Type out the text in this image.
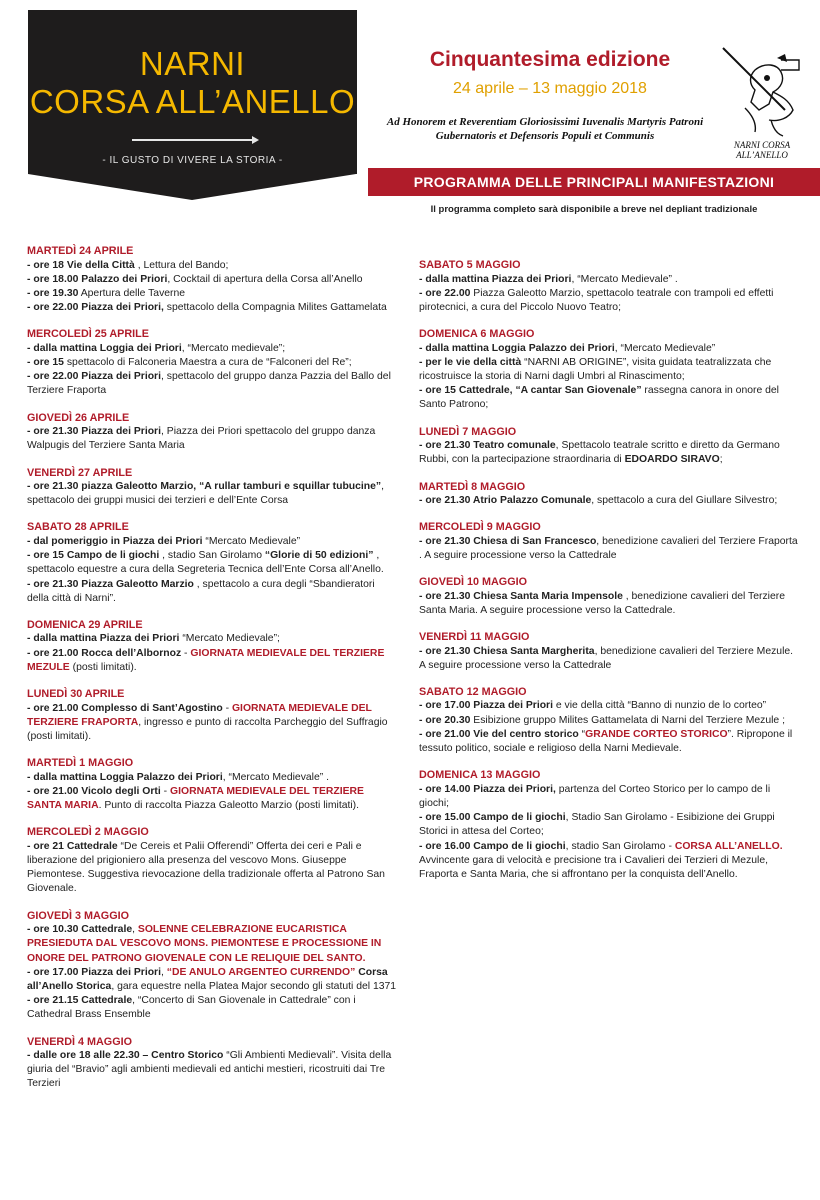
NARNI
CORSA ALL’ANELLO
- IL GUSTO DI VIVERE LA STORIA -
Cinquantesima edizione
24 aprile – 13 maggio 2018
Ad Honorem et Reverentiam Gloriosissimi Iuvenalis Martyris Patroni
Gubernatoris et Defensoris Populi et Communis
NARNI CORSA ALL’ANELLO
PROGRAMMA DELLE PRINCIPALI MANIFESTAZIONI
Il programma completo sarà disponibile a breve nel depliant tradizionale
MARTEDÌ 24 APRILE
- ore 18 Vie della Città , Lettura del Bando;
- ore 18.00 Palazzo dei Priori, Cocktail di apertura della Corsa all’Anello
- ore 19.30 Apertura delle Taverne
- ore 22.00 Piazza dei Priori, spettacolo della Compagnia Milites Gattamelata
MERCOLEDÌ 25 APRILE
- dalla mattina Loggia dei Priori, “Mercato medievale”;
- ore 15 spettacolo di Falconeria Maestra a cura de “Falconeri del Re”;
- ore 22.00 Piazza dei Priori, spettacolo del gruppo danza Pazzia del Ballo del Terziere Fraporta
GIOVEDÌ 26 APRILE
- ore 21.30 Piazza dei Priori, Piazza dei Priori spettacolo del gruppo danza Walpugis del Terziere Santa Maria
VENERDÌ 27 APRILE
- ore 21.30 piazza Galeotto Marzio, “A rullar tamburi e squillar tubucine”, spettacolo dei gruppi musici dei terzieri e dell’Ente Corsa
SABATO 28 APRILE
- dal pomeriggio in Piazza dei Priori “Mercato Medievale”
- ore 15 Campo de li giochi , stadio San Girolamo “Glorie di 50 edizioni” , spettacolo equestre a cura della Segreteria Tecnica dell’Ente Corsa all’Anello.
- ore 21.30 Piazza Galeotto Marzio , spettacolo a cura degli “Sbandieratori della città di Narni”.
DOMENICA 29 APRILE
- dalla mattina Piazza dei Priori “Mercato Medievale”;
- ore 21.00 Rocca dell’Albornoz - GIORNATA MEDIEVALE DEL TERZIERE MEZULE (posti limitati).
LUNEDÌ 30 APRILE
- ore 21.00 Complesso di Sant’Agostino - GIORNATA MEDIEVALE DEL TERZIERE FRAPORTA, ingresso e punto di raccolta Parcheggio del Suffragio (posti limitati).
MARTEDÌ 1 MAGGIO
- dalla mattina Loggia Palazzo dei Priori, “Mercato Medievale” .
- ore 21.00 Vicolo degli Orti - GIORNATA MEDIEVALE DEL TERZIERE SANTA MARIA. Punto di raccolta Piazza Galeotto Marzio (posti limitati).
MERCOLEDÌ 2 MAGGIO
- ore 21 Cattedrale “De Cereis et Palii Offerendi” Offerta dei ceri e Pali e liberazione del prigioniero alla presenza del vescovo Mons. Giuseppe Piemontese. Suggestiva rievocazione della tradizionale offerta al Patrono San Giovenale.
GIOVEDÌ 3 MAGGIO
- ore 10.30 Cattedrale, SOLENNE CELEBRAZIONE EUCARISTICA PRESIEDUTA DAL VESCOVO MONS. PIEMONTESE E PROCESSIONE IN ONORE DEL PATRONO GIOVENALE CON LE RELIQUIE DEL SANTO.
- ore 17.00 Piazza dei Priori, “DE ANULO ARGENTEO CURRENDO” Corsa all’Anello Storica, gara equestre nella Platea Major secondo gli statuti del 1371
- ore 21.15 Cattedrale, “Concerto di San Giovenale in Cattedrale” con i Cathedral Brass Ensemble
VENERDÌ 4 MAGGIO
- dalle ore 18 alle 22.30 – Centro Storico “Gli Ambienti Medievali”. Visita della giuria del “Bravio” agli ambienti medievali ed antichi mestieri, ricostruiti dai Tre Terzieri
SABATO 5 MAGGIO
- dalla mattina Piazza dei Priori, “Mercato Medievale” .
- ore 22.00 Piazza Galeotto Marzio, spettacolo teatrale con trampoli ed effetti pirotecnici, a cura del Piccolo Nuovo Teatro;
DOMENICA 6 MAGGIO
- dalla mattina Loggia Palazzo dei Priori, “Mercato Medievale”
- per le vie della città “NARNI AB ORIGINE”, visita guidata teatralizzata che ricostruisce la storia di Narni dagli Umbri al Rinascimento;
- ore 15 Cattedrale, “A cantar San Giovenale” rassegna canora in onore del Santo Patrono;
LUNEDÌ 7 MAGGIO
- ore 21.30 Teatro comunale, Spettacolo teatrale scritto e diretto da Germano Rubbi, con la partecipazione straordinaria di EDOARDO SIRAVO;
MARTEDÌ 8 MAGGIO
- ore 21.30 Atrio Palazzo Comunale, spettacolo a cura del Giullare Silvestro;
MERCOLEDÌ 9 MAGGIO
- ore 21.30 Chiesa di San Francesco, benedizione cavalieri del Terziere Fraporta . A seguire processione verso la Cattedrale
GIOVEDÌ 10 MAGGIO
- ore 21.30 Chiesa Santa Maria Impensole , benedizione cavalieri del Terziere Santa Maria. A seguire processione verso la Cattedrale.
VENERDÌ 11 MAGGIO
- ore 21.30 Chiesa Santa Margherita, benedizione cavalieri del Terziere Mezule. A seguire processione verso la Cattedrale
SABATO 12 MAGGIO
- ore 17.00 Piazza dei Priori e vie della città “Banno di nunzio de lo corteo”
- ore 20.30 Esibizione gruppo Milites Gattamelata di Narni del Terziere Mezule ;
- ore 21.00 Vie del centro storico “GRANDE CORTEO STORICO”. Ripropone il tessuto politico, sociale e religioso della Narni Medievale.
DOMENICA 13 MAGGIO
- ore 14.00 Piazza dei Priori, partenza del Corteo Storico per lo campo de li giochi;
- ore 15.00 Campo de li giochi, Stadio San Girolamo - Esibizione dei Gruppi Storici in attesa del Corteo;
- ore 16.00 Campo de li giochi, stadio San Girolamo - CORSA ALL’ANELLO. Avvincente gara di velocità e precisione tra i Cavalieri dei Terzieri di Mezule, Fraporta e Santa Maria, che si affrontano per la conquista dell’Anello.
